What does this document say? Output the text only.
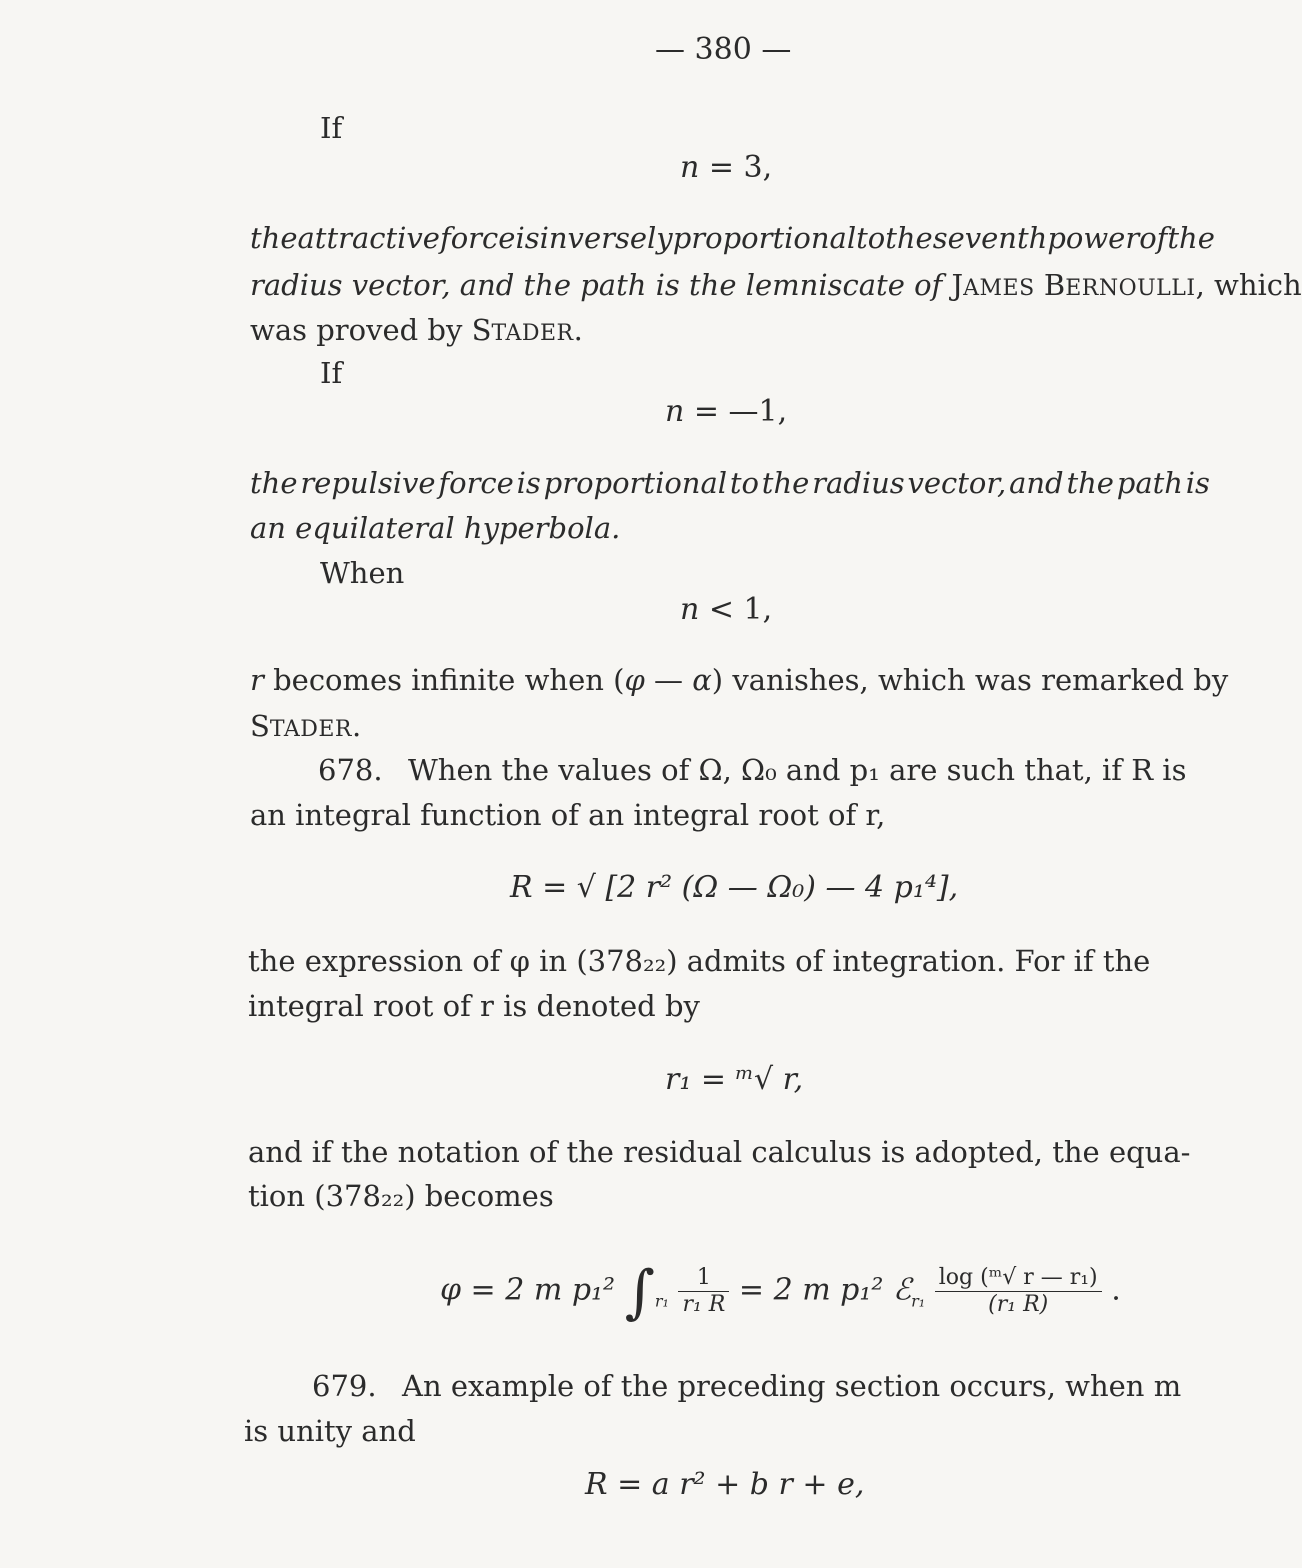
— 380 —
If
n = 3,
the attractive force is inversely proportional to the seventh power of the
radius vector, and the path is the lemniscate of JAMES BERNOULLI, which
was proved by STADER.
If
n = —1,
the repulsive force is proportional to the radius vector, and the path is
an equilateral hyperbola.
When
n < 1,
r becomes infinite when (φ — α) vanishes, which was remarked by
STADER.
678. When the values of Ω, Ω₀ and p₁ are such that, if R is
an integral function of an integral root of r,
R = √ [2 r² (Ω — Ω₀) — 4 p₁⁴],
the expression of φ in (378₂₂) admits of integration. For if the
integral root of r is denoted by
r₁ = ᵐ√ r,
and if the notation of the residual calculus is adopted, the equa-
tion (378₂₂) becomes
φ = 2 m p₁² $\int_{r_1} \frac{1}{\text{r₁ R}} = 2$ m p₁² ℰ$_{r_1}$ $\frac{\text{log (ᵐ√ r — r₁)}}{\text{(r₁ R)}}$ .
679. An example of the preceding section occurs, when m
is unity and
R = a r² + b r + e,
